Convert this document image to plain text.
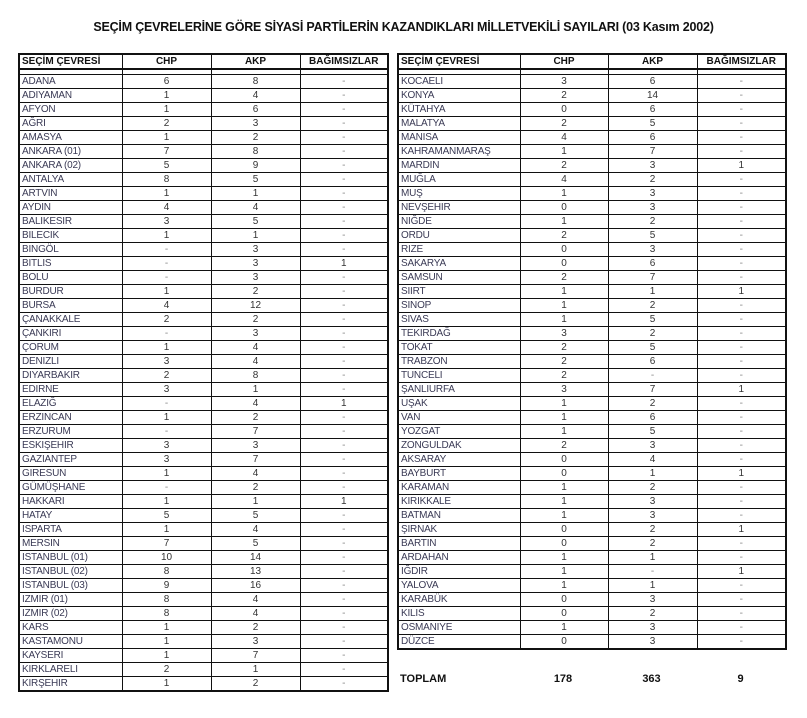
SEÇİM ÇEVRELERİNE GÖRE SİYASİ PARTİLERİN KAZANDIKLARI MİLLETVEKİLİ SAYILARI (03 Kasım 2002)
SEÇİM ÇEVRESİ	CHP	AKP	BAĞIMSIZLAR

ADANA	6	8	-
ADIYAMAN	1	4	-
AFYON	1	6	-
AĞRI	2	3	-
AMASYA	1	2	-
ANKARA (01)	7	8	-
ANKARA (02)	5	9	-
ANTALYA	8	5	-
ARTVIN	1	1	-
AYDIN	4	4	-
BALIKESIR	3	5	-
BILECIK	1	1	-
BINGÖL	-	3	-
BITLIS	-	3	1
BOLU	-	3	-
BURDUR	1	2	-
BURSA	4	12	-
ÇANAKKALE	2	2	-
ÇANKIRI	-	3	-
ÇORUM	1	4	-
DENIZLI	3	4	-
DIYARBAKIR	2	8	-
EDIRNE	3	1	-
ELAZIĞ	-	4	1
ERZINCAN	1	2	-
ERZURUM	-	7	-
ESKIŞEHIR	3	3	-
GAZIANTEP	3	7	-
GIRESUN	1	4	-
GÜMÜŞHANE	-	2	-
HAKKARI	1	1	1
HATAY	5	5	-
ISPARTA	1	4	-
MERSIN	7	5	-
ISTANBUL (01)	10	14	-
ISTANBUL (02)	8	13	-
ISTANBUL (03)	9	16	-
IZMIR (01)	8	4	-
IZMIR (02)	8	4	-
KARS	1	2	-
KASTAMONU	1	3	-
KAYSERI	1	7	-
KIRKLARELI	2	1	-
KIRŞEHIR	1	2	-
SEÇİM ÇEVRESİ	CHP	AKP	BAĞIMSIZLAR

KOCAELI	3	6	-
KONYA	2	14	-
KÜTAHYA	0	6	-
MALATYA	2	5	-
MANISA	4	6	-
KAHRAMANMARAŞ	1	7	-
MARDIN	2	3	1
MUĞLA	4	2	-
MUŞ	1	3	-
NEVŞEHIR	0	3	-
NIĞDE	1	2	-
ORDU	2	5	-
RIZE	0	3	-
SAKARYA	0	6	-
SAMSUN	2	7	-
SIIRT	1	1	1
SINOP	1	2	-
SIVAS	1	5	-
TEKIRDAĞ	3	2	-
TOKAT	2	5	-
TRABZON	2	6	-
TUNCELI	2	-	-
ŞANLIURFA	3	7	1
UŞAK	1	2	-
VAN	1	6	-
YOZGAT	1	5	-
ZONGULDAK	2	3	-
AKSARAY	0	4	-
BAYBURT	0	1	1
KARAMAN	1	2	-
KIRIKKALE	1	3	-
BATMAN	1	3	-
ŞIRNAK	0	2	1
BARTIN	0	2	-
ARDAHAN	1	1	-
IĞDIR	1	-	1
YALOVA	1	1	-
KARABÜK	0	3	-
KILIS	0	2	-
OSMANIYE	1	3	-
DÜZCE	0	3	-
TOPLAM	178	363	9
